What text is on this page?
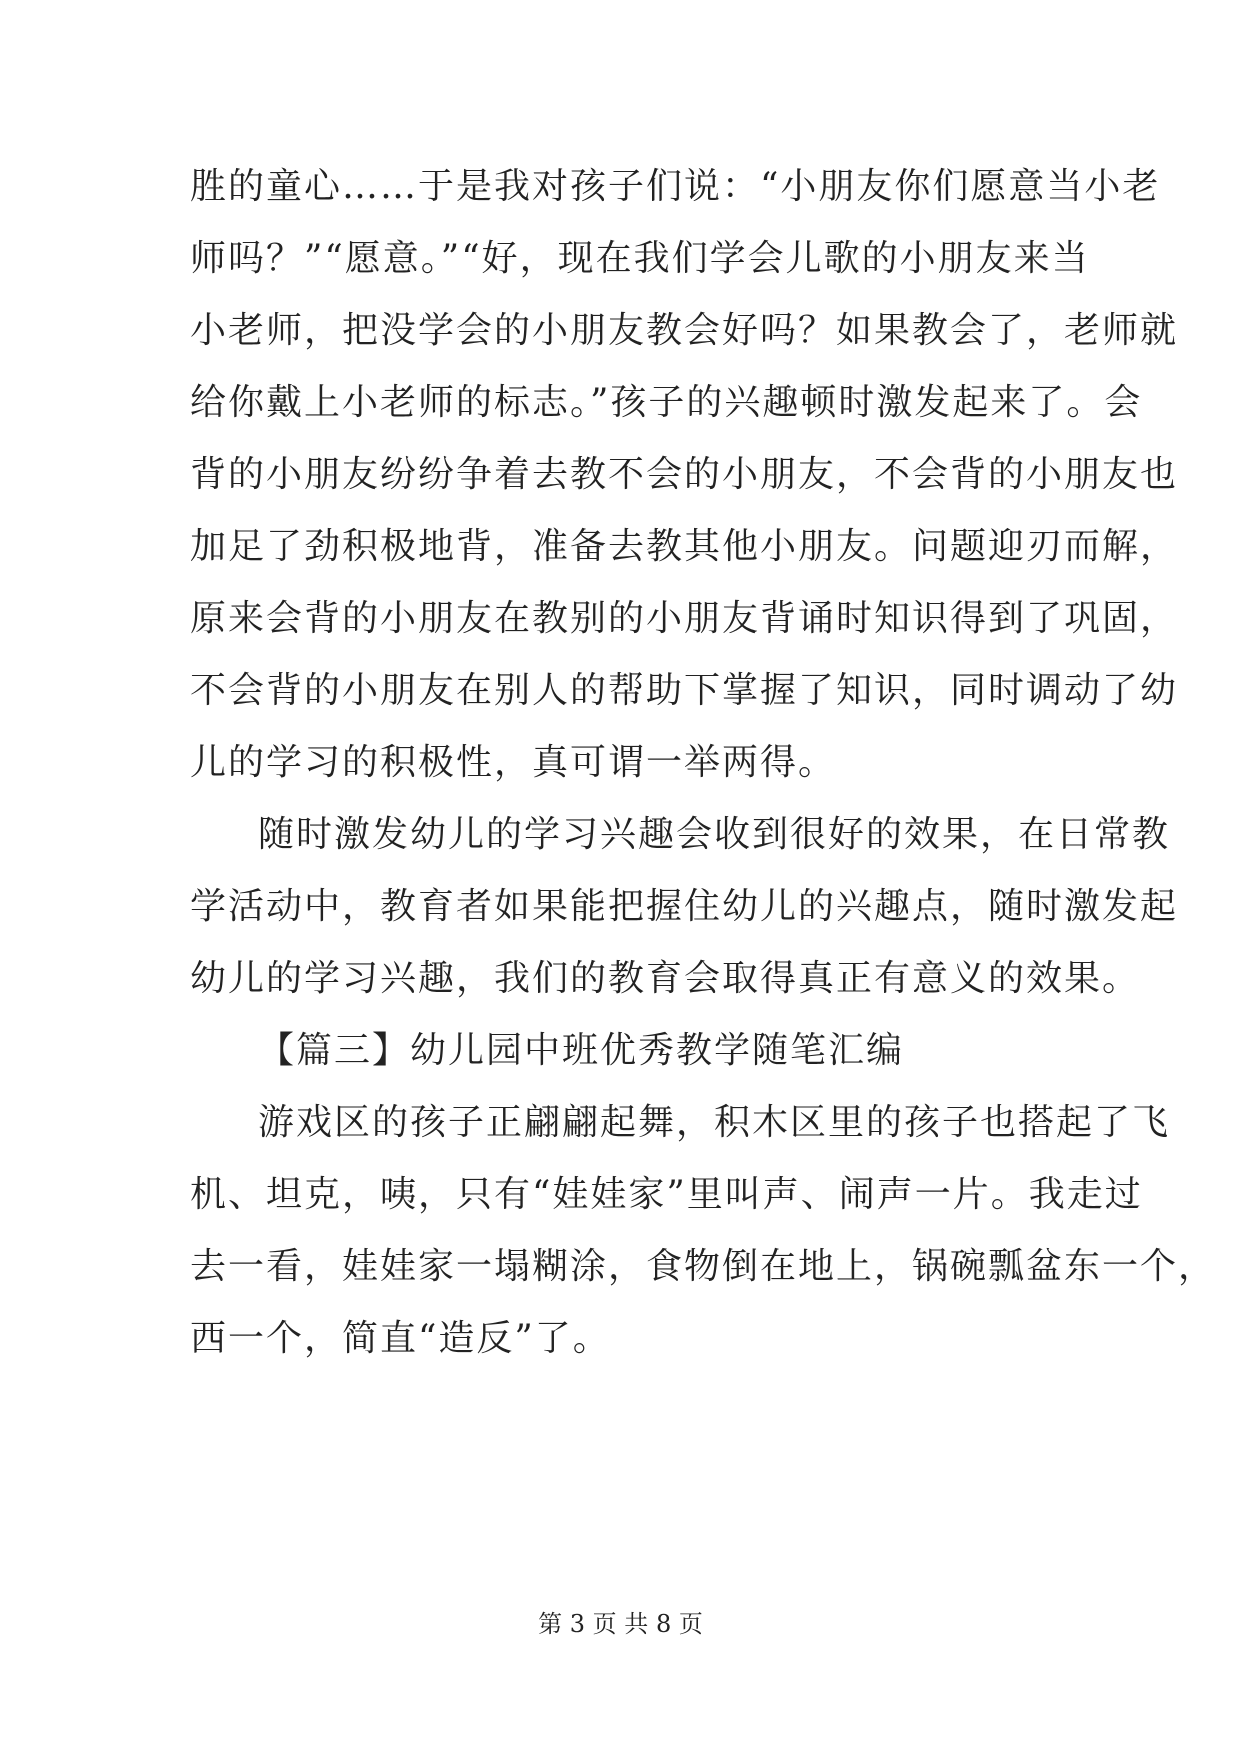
胜的童心……于是我对孩子们说：“小朋友你们愿意当小老
师吗？”“愿意。”“好，现在我们学会儿歌的小朋友来当
小老师，把没学会的小朋友教会好吗？如果教会了，老师就
给你戴上小老师的标志。”孩子的兴趣顿时激发起来了。会
背的小朋友纷纷争着去教不会的小朋友，不会背的小朋友也
加足了劲积极地背，准备去教其他小朋友。问题迎刃而解，
原来会背的小朋友在教别的小朋友背诵时知识得到了巩固，
不会背的小朋友在别人的帮助下掌握了知识，同时调动了幼
儿的学习的积极性，真可谓一举两得。
随时激发幼儿的学习兴趣会收到很好的效果，在日常教
学活动中，教育者如果能把握住幼儿的兴趣点，随时激发起
幼儿的学习兴趣，我们的教育会取得真正有意义的效果。
【篇三】幼儿园中班优秀教学随笔汇编
游戏区的孩子正翩翩起舞，积木区里的孩子也搭起了飞
机、坦克，咦，只有“娃娃家”里叫声、闹声一片。我走过
去一看，娃娃家一塌糊涂，食物倒在地上，锅碗瓢盆东一个，
西一个，简直“造反”了。
第 3 页 共 8 页
